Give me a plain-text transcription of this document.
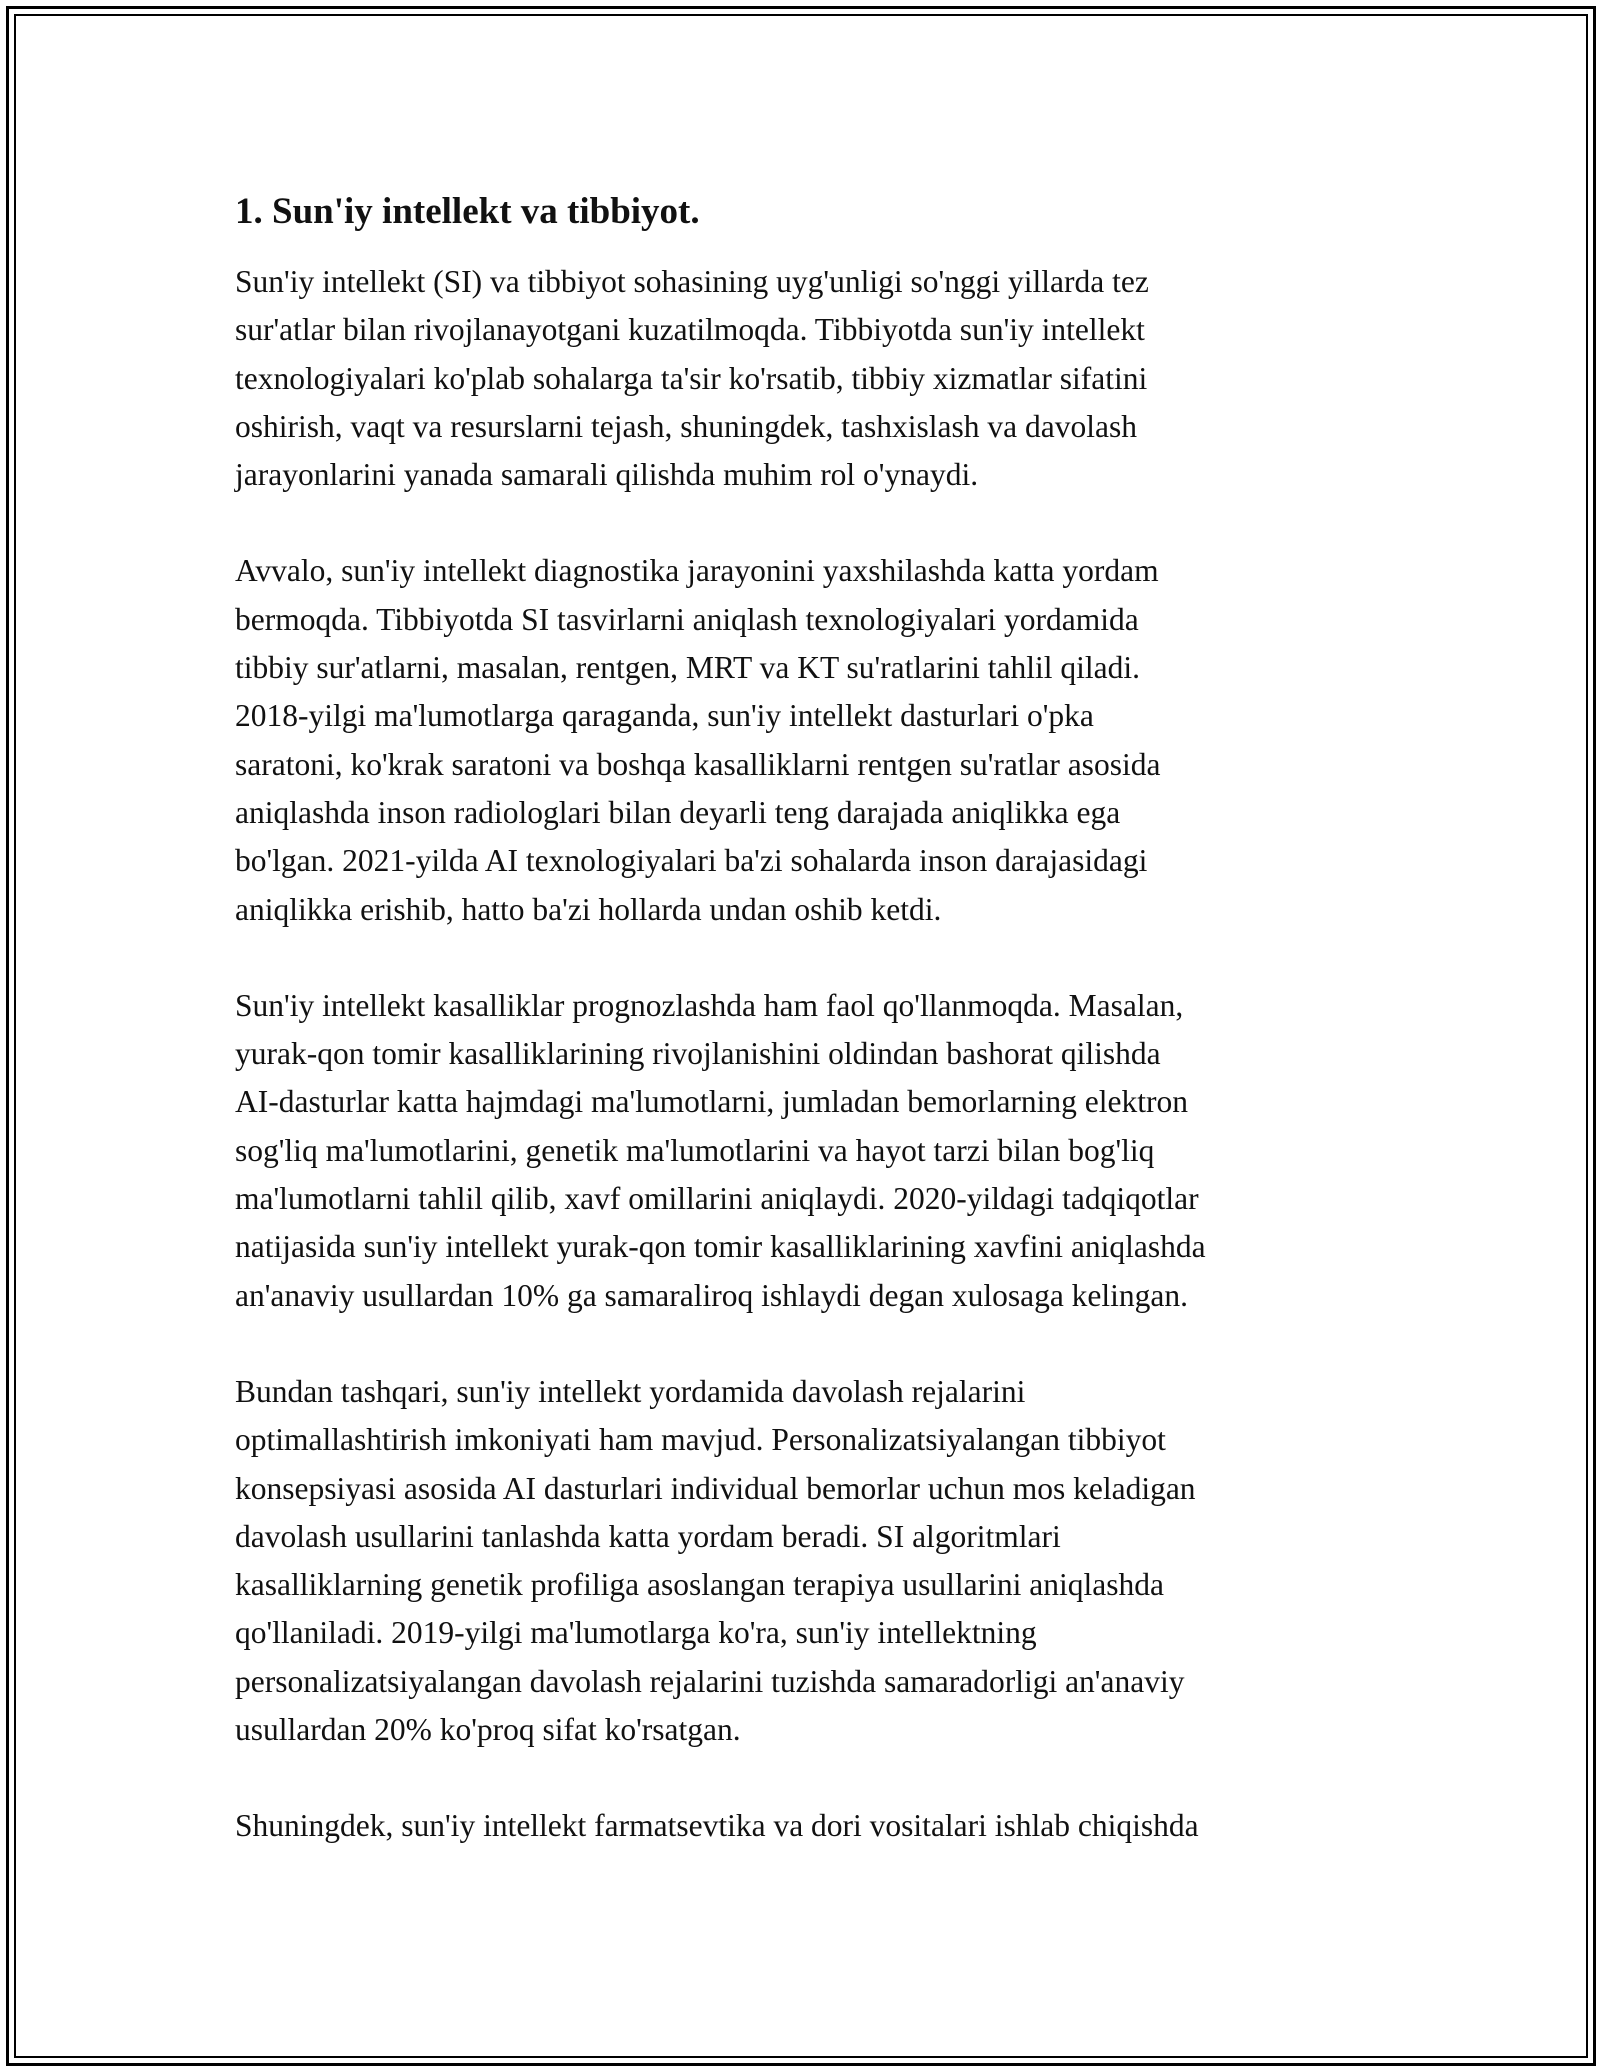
1. Sun'iy intellekt va tibbiyot.

Sun'iy intellekt (SI) va tibbiyot sohasining uyg'unligi so'nggi yillarda tez
sur'atlar bilan rivojlanayotgani kuzatilmoqda. Tibbiyotda sun'iy intellekt
texnologiyalari ko'plab sohalarga ta'sir ko'rsatib, tibbiy xizmatlar sifatini
oshirish, vaqt va resurslarni tejash, shuningdek, tashxislash va davolash
jarayonlarini yanada samarali qilishda muhim rol o'ynaydi.

Avvalo, sun'iy intellekt diagnostika jarayonini yaxshilashda katta yordam
bermoqda. Tibbiyotda SI tasvirlarni aniqlash texnologiyalari yordamida
tibbiy sur'atlarni, masalan, rentgen, MRT va KT su'ratlarini tahlil qiladi.
2018-yilgi ma'lumotlarga qaraganda, sun'iy intellekt dasturlari o'pka
saratoni, ko'krak saratoni va boshqa kasalliklarni rentgen su'ratlar asosida
aniqlashda inson radiologlari bilan deyarli teng darajada aniqlikka ega
bo'lgan. 2021-yilda AI texnologiyalari ba'zi sohalarda inson darajasidagi
aniqlikka erishib, hatto ba'zi hollarda undan oshib ketdi.

Sun'iy intellekt kasalliklar prognozlashda ham faol qo'llanmoqda. Masalan,
yurak-qon tomir kasalliklarining rivojlanishini oldindan bashorat qilishda
AI-dasturlar katta hajmdagi ma'lumotlarni, jumladan bemorlarning elektron
sog'liq ma'lumotlarini, genetik ma'lumotlarini va hayot tarzi bilan bog'liq
ma'lumotlarni tahlil qilib, xavf omillarini aniqlaydi. 2020-yildagi tadqiqotlar
natijasida sun'iy intellekt yurak-qon tomir kasalliklarining xavfini aniqlashda
an'anaviy usullardan 10% ga samaraliroq ishlaydi degan xulosaga kelingan.

Bundan tashqari, sun'iy intellekt yordamida davolash rejalarini
optimallashtirish imkoniyati ham mavjud. Personalizatsiyalangan tibbiyot
konsepsiyasi asosida AI dasturlari individual bemorlar uchun mos keladigan
davolash usullarini tanlashda katta yordam beradi. SI algoritmlari
kasalliklarning genetik profiliga asoslangan terapiya usullarini aniqlashda
qo'llaniladi. 2019-yilgi ma'lumotlarga ko'ra, sun'iy intellektning
personalizatsiyalangan davolash rejalarini tuzishda samaradorligi an'anaviy
usullardan 20% ko'proq sifat ko'rsatgan.

Shuningdek, sun'iy intellekt farmatsevtika va dori vositalari ishlab chiqishda
